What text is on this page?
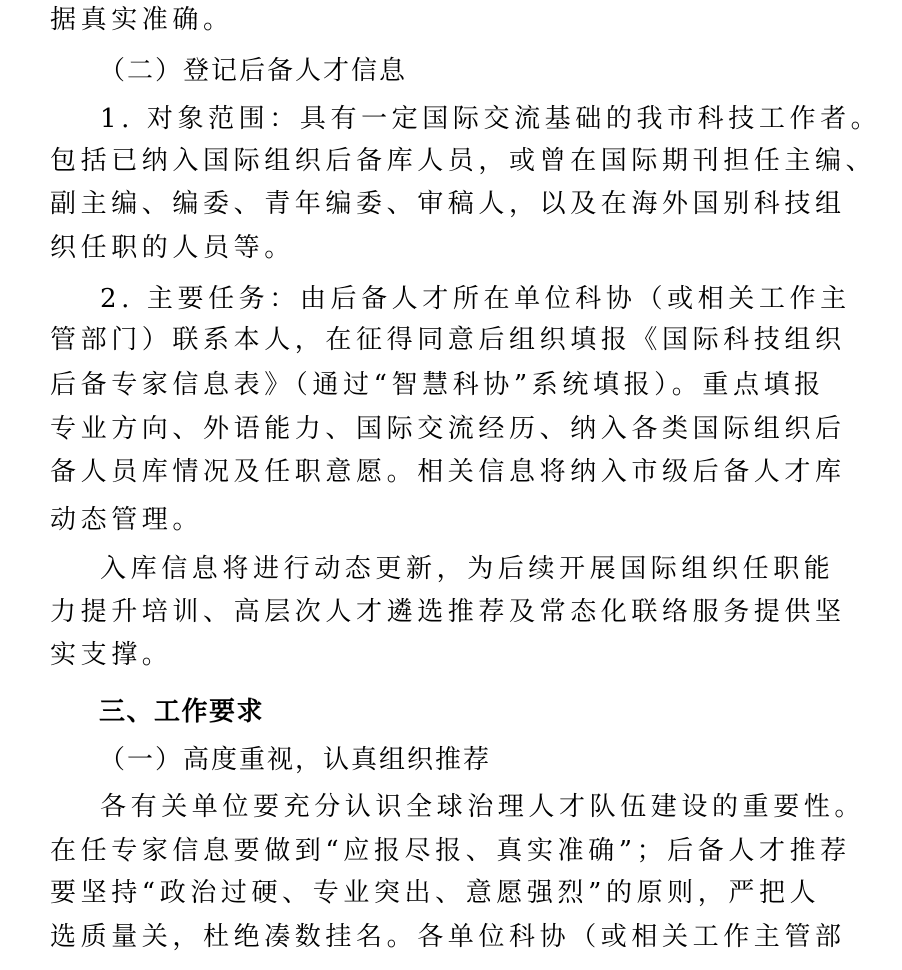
据真实准确。
（二）登记后备人才信息
1. 对象范围：具有一定国际交流基础的我市科技工作者。
包括已纳入国际组织后备库人员，或曾在国际期刊担任主编、
副主编、编委、青年编委、审稿人，以及在海外国别科技组
织任职的人员等。
2. 主要任务：由后备人才所在单位科协（或相关工作主
管部门）联系本人，在征得同意后组织填报《国际科技组织
后备专家信息表》（通过“智慧科协”系统填报）。重点填报
专业方向、外语能力、国际交流经历、纳入各类国际组织后
备人员库情况及任职意愿。相关信息将纳入市级后备人才库
动态管理。
入库信息将进行动态更新，为后续开展国际组织任职能
力提升培训、高层次人才遴选推荐及常态化联络服务提供坚
实支撑。
三、工作要求
（一）高度重视，认真组织推荐
各有关单位要充分认识全球治理人才队伍建设的重要性。
在任专家信息要做到“应报尽报、真实准确”；后备人才推荐
要坚持“政治过硬、专业突出、意愿强烈”的原则，严把人
选质量关，杜绝凑数挂名。各单位科协（或相关工作主管部
